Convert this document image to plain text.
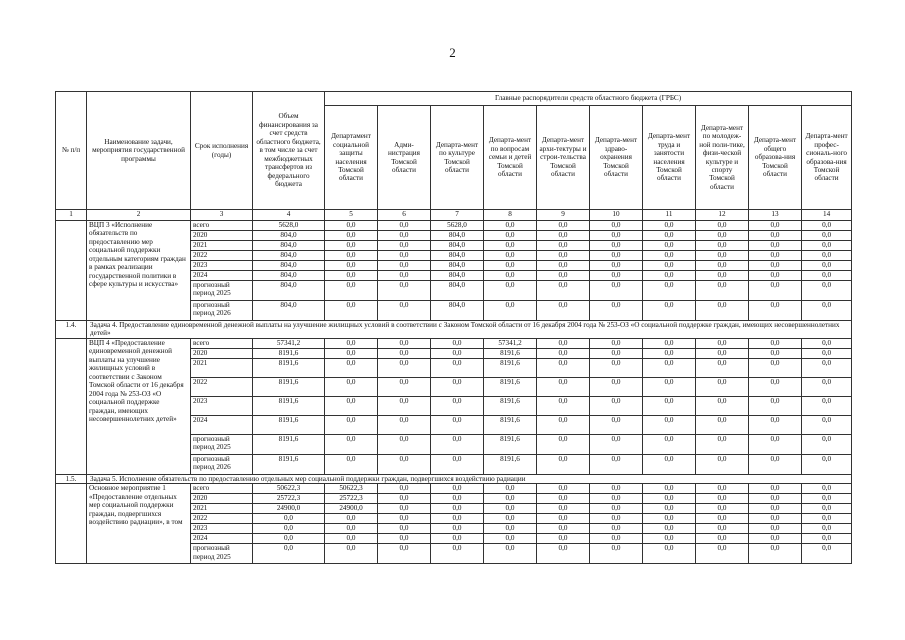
2
№ п/п	Наименование задачи, мероприятия государственной программы	Срок исполнения (годы)	Объем финансирования за счет средств областного бюджета, в том числе за счет межбюджетных трансфертов из федерального бюджета	Главные распорядители средств областного бюджета (ГРБС)									
				Департамент социальной защиты населения Томской области	Адми-нистрация Томской области	Департа-мент по культуре Томской области	Департа-мент по вопросам семьи и детей Томской области	Департа-мент архи-тектуры и строи-тельства Томской области	Департа-мент здраво-охранения Томской области	Департа-мент труда и занятости населения Томской области	Департа-мент по молодеж-ной поли-тике, физи-ческой культуре и спорту Томской области	Департа-мент общего образова-ния Томской области	Департа-мент профес-сиональ-ного образова-ния Томской области
1	2	3	4	5	6	7	8	9	10	11	12	13	14
	ВЦП 3 «Исполнение обязательств по предоставлению мер социальной поддержки отдельным категориям граждан в рамках реализации государственной политики в сфере культуры и искусства»	всего	5628,0	0,0	0,0	5628,0	0,0	0,0	0,0	0,0	0,0	0,0	0,0
		2020	804,0	0,0	0,0	804,0	0,0	0,0	0,0	0,0	0,0	0,0	0,0
		2021	804,0	0,0	0,0	804,0	0,0	0,0	0,0	0,0	0,0	0,0	0,0
		2022	804,0	0,0	0,0	804,0	0,0	0,0	0,0	0,0	0,0	0,0	0,0
		2023	804,0	0,0	0,0	804,0	0,0	0,0	0,0	0,0	0,0	0,0	0,0
		2024	804,0	0,0	0,0	804,0	0,0	0,0	0,0	0,0	0,0	0,0	0,0
		прогнозный период 2025	804,0	0,0	0,0	804,0	0,0	0,0	0,0	0,0	0,0	0,0	0,0
		прогнозный период 2026	804,0	0,0	0,0	804,0	0,0	0,0	0,0	0,0	0,0	0,0	0,0
1.4.	Задача 4. Предоставление единовременной денежной выплаты на улучшение жилищных условий в соответствии с Законом Томской области от 16 декабря 2004 года № 253-ОЗ «О социальной поддержке граждан, имеющих несовершеннолетних детей»												
	ВЦП 4 «Предоставление единовременной денежной выплаты на улучшение жилищных условий в соответствии с Законом Томской области от 16 декабря 2004 года № 253-ОЗ «О социальной поддержке граждан, имеющих несовершеннолетних детей»	всего	57341,2	0,0	0,0	0,0	57341,2	0,0	0,0	0,0	0,0	0,0	0,0
		2020	8191,6	0,0	0,0	0,0	8191,6	0,0	0,0	0,0	0,0	0,0	0,0
		2021	8191,6	0,0	0,0	0,0	8191,6	0,0	0,0	0,0	0,0	0,0	0,0
		2022	8191,6	0,0	0,0	0,0	8191,6	0,0	0,0	0,0	0,0	0,0	0,0
		2023	8191,6	0,0	0,0	0,0	8191,6	0,0	0,0	0,0	0,0	0,0	0,0
		2024	8191,6	0,0	0,0	0,0	8191,6	0,0	0,0	0,0	0,0	0,0	0,0
		прогнозный период 2025	8191,6	0,0	0,0	0,0	8191,6	0,0	0,0	0,0	0,0	0,0	0,0
		прогнозный период 2026	8191,6	0,0	0,0	0,0	8191,6	0,0	0,0	0,0	0,0	0,0	0,0
1.5.	Задача 5. Исполнение обязательств по предоставлению отдельных мер социальной поддержки граждан, подвергшихся воздействию радиации												
	Основное мероприятие 1 «Предоставление отдельных мер социальной поддержки граждан, подвергшихся воздействию радиации», в том	всего	50622,3	50622,3	0,0	0,0	0,0	0,0	0,0	0,0	0,0	0,0	0,0
		2020	25722,3	25722,3	0,0	0,0	0,0	0,0	0,0	0,0	0,0	0,0	0,0
		2021	24900,0	24900,0	0,0	0,0	0,0	0,0	0,0	0,0	0,0	0,0	0,0
		2022	0,0	0,0	0,0	0,0	0,0	0,0	0,0	0,0	0,0	0,0	0,0
		2023	0,0	0,0	0,0	0,0	0,0	0,0	0,0	0,0	0,0	0,0	0,0
		2024	0,0	0,0	0,0	0,0	0,0	0,0	0,0	0,0	0,0	0,0	0,0
		прогнозный период 2025	0,0	0,0	0,0	0,0	0,0	0,0	0,0	0,0	0,0	0,0	0,0
